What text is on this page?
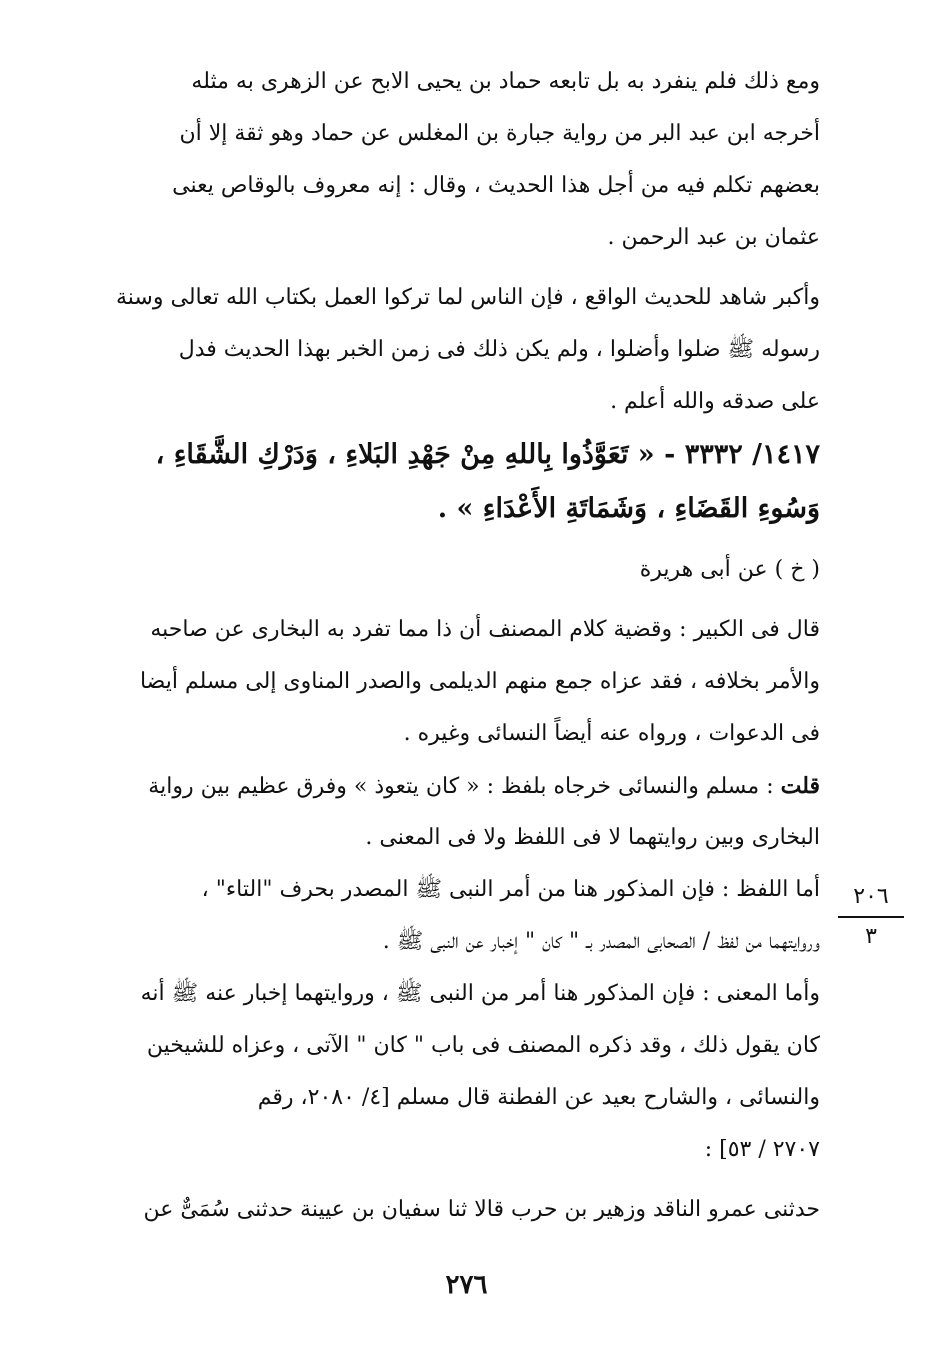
ومع ذلك فلم ينفرد به بل تابعه حماد بن يحيى الابح عن الزهرى به مثله
أخرجه ابن عبد البر من رواية جبارة بن المغلس عن حماد وهو ثقة إلا أن
بعضهم تكلم فيه من أجل هذا الحديث ، وقال : إنه معروف بالوقاص يعنى
عثمان بن عبد الرحمن .
وأكبر شاهد للحديث الواقع ، فإن الناس لما تركوا العمل بكتاب الله تعالى وسنة
رسوله ﷺ ضلوا وأضلوا ، ولم يكن ذلك فى زمن الخبر بهذا الحديث فدل
على صدقه والله أعلم .
١٤١٧/ ٣٣٣٢ - « تَعَوَّذُوا بِاللهِ مِنْ جَهْدِ البَلاءِ ، وَدَرْكِ الشَّقَاءِ ،
وَسُوءِ القَضَاءِ ، وَشَمَاتَةِ الأَعْدَاءِ » .
( خ ) عن أبى هريرة
قال فى الكبير : وقضية كلام المصنف أن ذا مما تفرد به البخارى عن صاحبه
والأمر بخلافه ، فقد عزاه جمع منهم الديلمى والصدر المناوى إلى مسلم أيضا
فى الدعوات ، ورواه عنه أيضاً النسائى وغيره .
قلت : مسلم والنسائى خرجاه بلفظ : « كان يتعوذ » وفرق عظيم بين رواية
البخارى وبين روايتهما لا فى اللفظ ولا فى المعنى .
أما اللفظ : فإن المذكور هنا من أمر النبى ﷺ المصدر بحرف "التاء" ،
وروايتهما من لفظ / الصحابى المصدر بـ " كان " إخبار عن النبى ﷺ .
وأما المعنى : فإن المذكور هنا أمر من النبى ﷺ ، وروايتهما إخبار عنه ﷺ أنه
كان يقول ذلك ، وقد ذكره المصنف فى باب " كان " الآتى ، وعزاه للشيخين
والنسائى ، والشارح بعيد عن الفطنة قال مسلم [٤/ ٢٠٨٠، رقم
٢٧٠٧ / ٥٣] :
حدثنى عمرو الناقد وزهير بن حرب قالا ثنا سفيان بن عيينة حدثنى سُمَىٌّ عن
٢٠٦
٣
٢٧٦
